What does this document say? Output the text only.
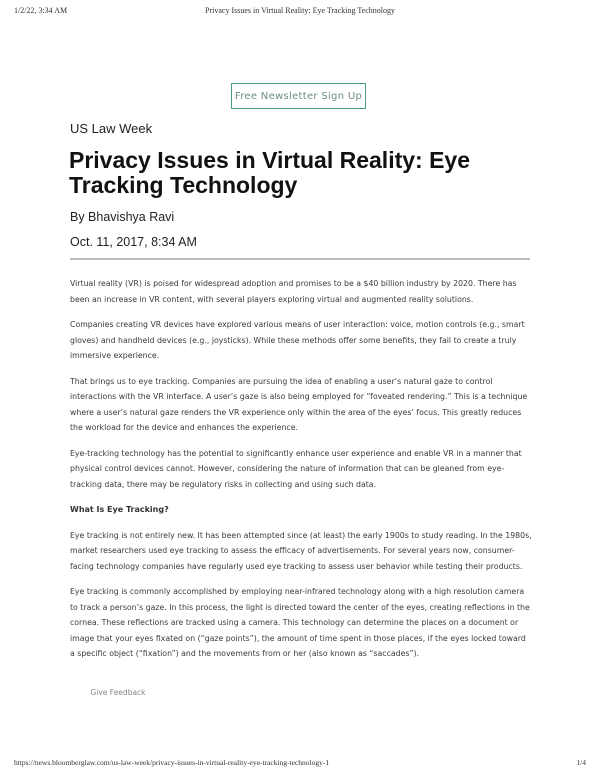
1/2/22, 3:34 AM	Privacy Issues in Virtual Reality: Eye Tracking Technology
Free Newsletter Sign Up
US Law Week
Privacy Issues in Virtual Reality: Eye Tracking Technology
By Bhavishya Ravi
Oct. 11, 2017, 8:34 AM

Virtual reality (VR) is poised for widespread adoption and promises to be a $40 billion industry by 2020. There has been an increase in VR content, with several players exploring virtual and augmented reality solutions.

Companies creating VR devices have explored various means of user interaction: voice, motion controls (e.g., smart gloves) and handheld devices (e.g., joysticks). While these methods offer some benefits, they fail to create a truly immersive experience.

That brings us to eye tracking. Companies are pursuing the idea of enabling a user’s natural gaze to control interactions with the VR interface. A user’s gaze is also being employed for “foveated rendering.” This is a technique where a user’s natural gaze renders the VR experience only within the area of the eyes’ focus. This greatly reduces the workload for the device and enhances the experience.

Eye-tracking technology has the potential to significantly enhance user experience and enable VR in a manner that physical control devices cannot. However, considering the nature of information that can be gleaned from eye-tracking data, there may be regulatory risks in collecting and using such data.

What Is Eye Tracking?

Eye tracking is not entirely new. It has been attempted since (at least) the early 1900s to study reading. In the 1980s, market researchers used eye tracking to assess the efficacy of advertisements. For several years now, consumer-facing technology companies have regularly used eye tracking to assess user behavior while testing their products.

Eye tracking is commonly accomplished by employing near-infrared technology along with a high resolution camera to track a person’s gaze. In this process, the light is directed toward the center of the eyes, creating reflections in the cornea. These reflections are tracked using a camera. This technology can determine the places on a document or image that your eyes fixated on (“gaze points”), the amount of time spent in those places, if the eyes locked toward a specific object (“fixation”) and the movements from or her (also known as “saccades”).

Give Feedback
https://news.bloomberglaw.com/us-law-week/privacy-issues-in-virtual-reality-eye-tracking-technology-1	1/4
